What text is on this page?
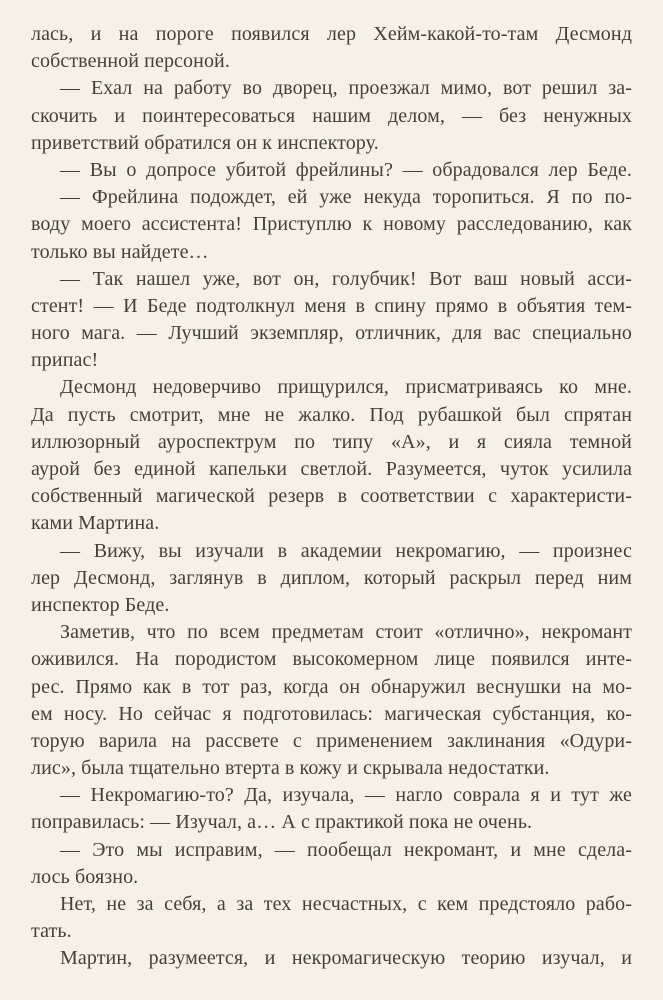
лась, и на пороге появился лер Хейм-какой-то-там Десмонд
собственной персоной.
— Ехал на работу во дворец, проезжал мимо, вот решил за-
скочить и поинтересоваться нашим делом, — без ненужных
приветствий обратился он к инспектору.
— Вы о допросе убитой фрейлины? — обрадовался лер Беде.
— Фрейлина подождет, ей уже некуда торопиться. Я по по-
воду моего ассистента! Приступлю к новому расследованию, как
только вы найдете…
— Так нашел уже, вот он, голубчик! Вот ваш новый асси-
стент! — И Беде подтолкнул меня в спину прямо в объятия тем-
ного мага. — Лучший экземпляр, отличник, для вас специально
припас!
Десмонд недоверчиво прищурился, присматриваясь ко мне.
Да пусть смотрит, мне не жалко. Под рубашкой был спрятан
иллюзорный ауроспектрум по типу «А», и я сияла темной
аурой без единой капельки светлой. Разумеется, чуток усилила
собственный магической резерв в соответствии с характеристи-
ками Мартина.
— Вижу, вы изучали в академии некромагию, — произнес
лер Десмонд, заглянув в диплом, который раскрыл перед ним
инспектор Беде.
Заметив, что по всем предметам стоит «отлично», некромант
оживился. На породистом высокомерном лице появился инте-
рес. Прямо как в тот раз, когда он обнаружил веснушки на мо-
ем носу. Но сейчас я подготовилась: магическая субстанция, ко-
торую варила на рассвете с применением заклинания «Одури-
лис», была тщательно втерта в кожу и скрывала недостатки.
— Некромагию-то? Да, изучала, — нагло соврала я и тут же
поправилась: — Изучал, а… А с практикой пока не очень.
— Это мы исправим, — пообещал некромант, и мне сдела-
лось боязно.
Нет, не за себя, а за тех несчастных, с кем предстояло рабо-
тать.
Мартин, разумеется, и некромагическую теорию изучал, и
